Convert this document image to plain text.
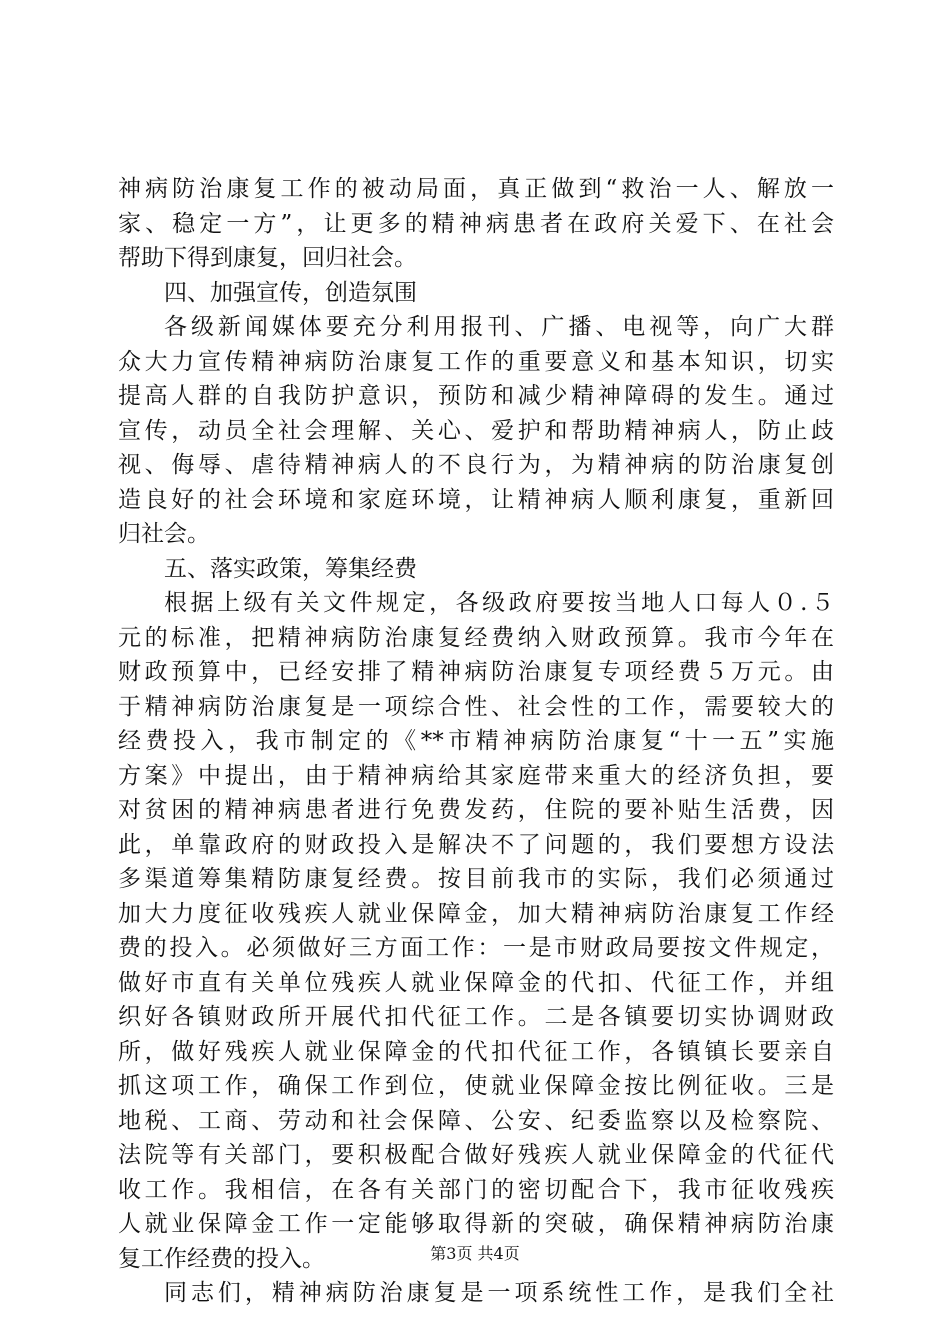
神病防治康复工作的被动局面，真正做到“救治一人、解放一
家、稳定一方”，让更多的精神病患者在政府关爱下、在社会
帮助下得到康复，回归社会。
四、加强宣传，创造氛围
各级新闻媒体要充分利用报刊、广播、电视等，向广大群
众大力宣传精神病防治康复工作的重要意义和基本知识，切实
提高人群的自我防护意识，预防和减少精神障碍的发生。通过
宣传，动员全社会理解、关心、爱护和帮助精神病人，防止歧
视、侮辱、虐待精神病人的不良行为，为精神病的防治康复创
造良好的社会环境和家庭环境，让精神病人顺利康复，重新回
归社会。
五、落实政策，筹集经费
根据上级有关文件规定，各级政府要按当地人口每人０.５
元的标准，把精神病防治康复经费纳入财政预算。我市今年在
财政预算中，已经安排了精神病防治康复专项经费５万元。由
于精神病防治康复是一项综合性、社会性的工作，需要较大的
经费投入，我市制定的《**市精神病防治康复“十一五”实施
方案》中提出，由于精神病给其家庭带来重大的经济负担，要
对贫困的精神病患者进行免费发药，住院的要补贴生活费，因
此，单靠政府的财政投入是解决不了问题的，我们要想方设法
多渠道筹集精防康复经费。按目前我市的实际，我们必须通过
加大力度征收残疾人就业保障金，加大精神病防治康复工作经
费的投入。必须做好三方面工作：一是市财政局要按文件规定，
做好市直有关单位残疾人就业保障金的代扣、代征工作，并组
织好各镇财政所开展代扣代征工作。二是各镇要切实协调财政
所，做好残疾人就业保障金的代扣代征工作，各镇镇长要亲自
抓这项工作，确保工作到位，使就业保障金按比例征收。三是
地税、工商、劳动和社会保障、公安、纪委监察以及检察院、
法院等有关部门，要积极配合做好残疾人就业保障金的代征代
收工作。我相信，在各有关部门的密切配合下，我市征收残疾
人就业保障金工作一定能够取得新的突破，确保精神病防治康
复工作经费的投入。
同志们，精神病防治康复是一项系统性工作，是我们全社
第3页 共4页
